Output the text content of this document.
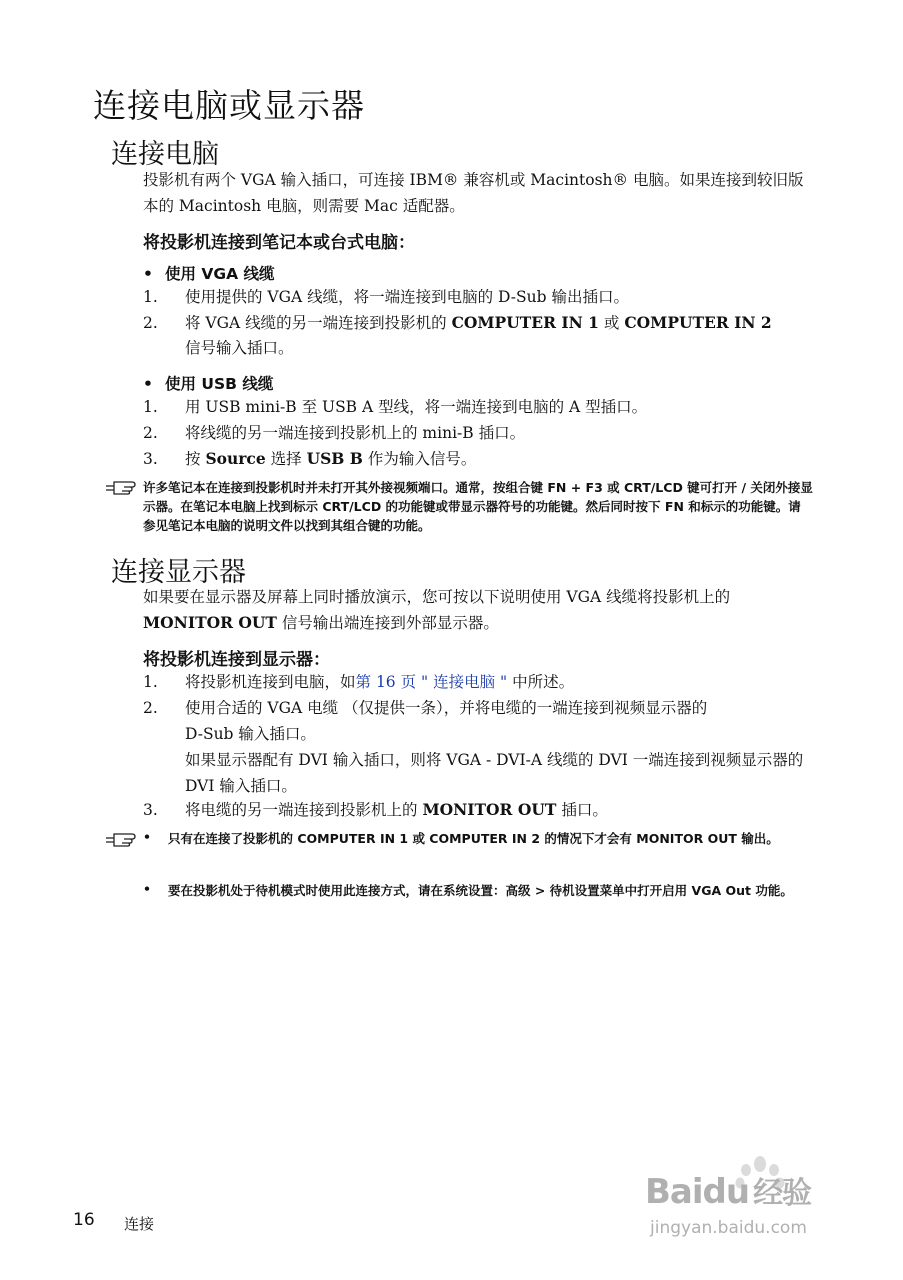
连接电脑或显示器
连接电脑
投影机有两个 VGA 输入插口，可连接 IBM® 兼容机或 Macintosh® 电脑。如果连接到较旧版本的 Macintosh 电脑，则需要 Mac 适配器。
将投影机连接到笔记本或台式电脑：
• 使用 VGA 线缆
1. 使用提供的 VGA 线缆，将一端连接到电脑的 D-Sub 输出插口。
2. 将 VGA 线缆的另一端连接到投影机的 COMPUTER IN 1 或 COMPUTER IN 2
信号输入插口。
• 使用 USB 线缆
1. 用 USB mini-B 至 USB A 型线，将一端连接到电脑的 A 型插口。
2. 将线缆的另一端连接到投影机上的 mini-B 插口。
3. 按 Source 选择 USB B 作为输入信号。
许多笔记本在连接到投影机时并未打开其外接视频端口。通常，按组合键 FN + F3 或 CRT/LCD 键可打开 / 关闭外接显示器。在笔记本电脑上找到标示 CRT/LCD 的功能键或带显示器符号的功能键。然后同时按下 FN 和标示的功能键。请参见笔记本电脑的说明文件以找到其组合键的功能。
连接显示器
如果要在显示器及屏幕上同时播放演示，您可按以下说明使用 VGA 线缆将投影机上的 MONITOR OUT 信号输出端连接到外部显示器。
将投影机连接到显示器：
1. 将投影机连接到电脑，如第 16 页 " 连接电脑 " 中所述。
2. 使用合适的 VGA 电缆 （仅提供一条），并将电缆的一端连接到视频显示器的
D-Sub 输入插口。
如果显示器配有 DVI 输入插口，则将 VGA - DVI-A 线缆的 DVI 一端连接到视频显示器的 DVI 输入插口。
3. 将电缆的另一端连接到投影机上的 MONITOR OUT 插口。
• 只有在连接了投影机的 COMPUTER IN 1 或 COMPUTER IN 2 的情况下才会有 MONITOR OUT 输出。
• 要在投影机处于待机模式时使用此连接方式，请在系统设置：高级 > 待机设置菜单中打开启用 VGA Out 功能。
16 连接
Baidu 经验
jingyan.baidu.com
